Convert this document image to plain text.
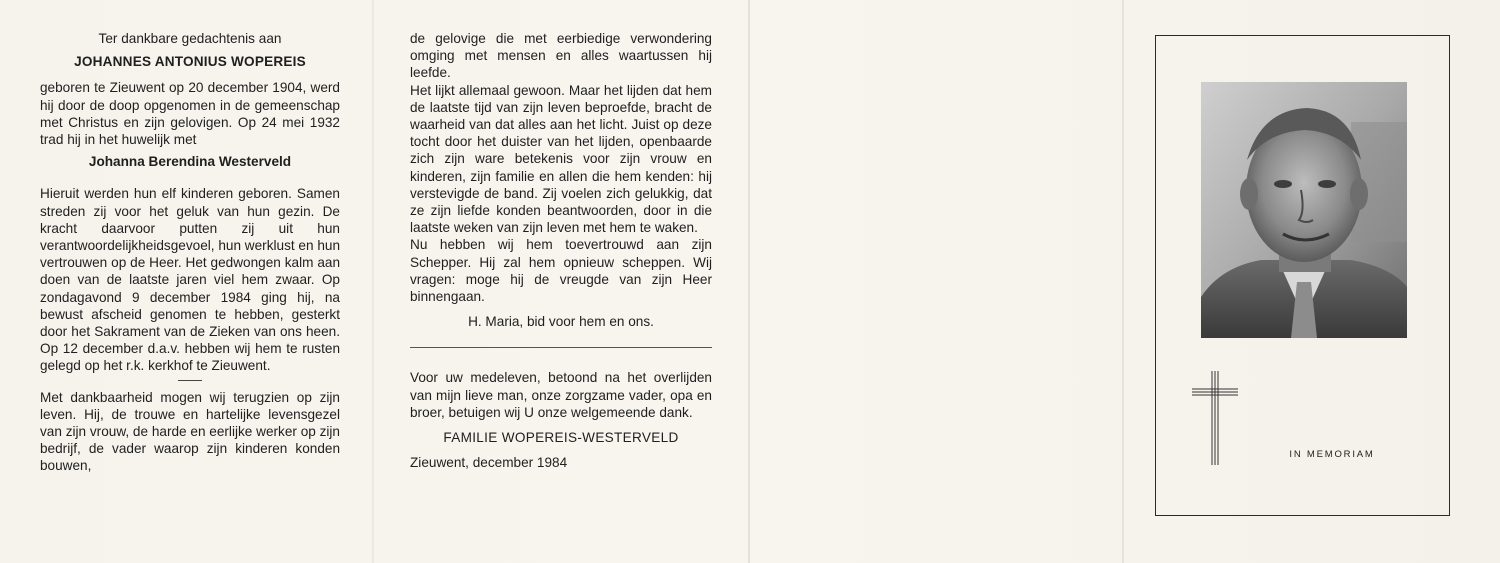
Ter dankbare gedachtenis aan
JOHANNES ANTONIUS WOPEREIS

geboren te Zieuwent op 20 december 1904, werd hij door de doop opgenomen in de gemeenschap met Christus en zijn gelovigen. Op 24 mei 1932 trad hij in het huwelijk met

Johanna Berendina Westerveld

Hieruit werden hun elf kinderen geboren. Samen streden zij voor het geluk van hun gezin. De kracht daarvoor putten zij uit hun verantwoordelijkheidsgevoel, hun werklust en hun vertrouwen op de Heer. Het gedwongen kalm aan doen van de laatste jaren viel hem zwaar. Op zondagavond 9 december 1984 ging hij, na bewust afscheid genomen te hebben, gesterkt door het Sakrament van de Zieken van ons heen. Op 12 december d.a.v. hebben wij hem te rusten gelegd op het r.k. kerkhof te Zieuwent.

Met dankbaarheid mogen wij terugzien op zijn leven. Hij, de trouwe en hartelijke levensgezel van zijn vrouw, de harde en eerlijke werker op zijn bedrijf, de vader waarop zijn kinderen konden bouwen,

de gelovige die met eerbiedige verwondering omging met mensen en alles waartussen hij leefde.

Het lijkt allemaal gewoon. Maar het lijden dat hem de laatste tijd van zijn leven beproefde, bracht de waarheid van dat alles aan het licht. Juist op deze tocht door het duister van het lijden, openbaarde zich zijn ware betekenis voor zijn vrouw en kinderen, zijn familie en allen die hem kenden: hij verstevigde de band. Zij voelen zich gelukkig, dat ze zijn liefde konden beantwoorden, door in die laatste weken van zijn leven met hem te waken.

Nu hebben wij hem toevertrouwd aan zijn Schepper. Hij zal hem opnieuw scheppen. Wij vragen: moge hij de vreugde van zijn Heer binnengaan.

H. Maria, bid voor hem en ons.

Voor uw medeleven, betoond na het overlijden van mijn lieve man, onze zorgzame vader, opa en broer, betuigen wij U onze welgemeende dank.

FAMILIE WOPEREIS-WESTERVELD
Zieuwent, december 1984
IN MEMORIAM
